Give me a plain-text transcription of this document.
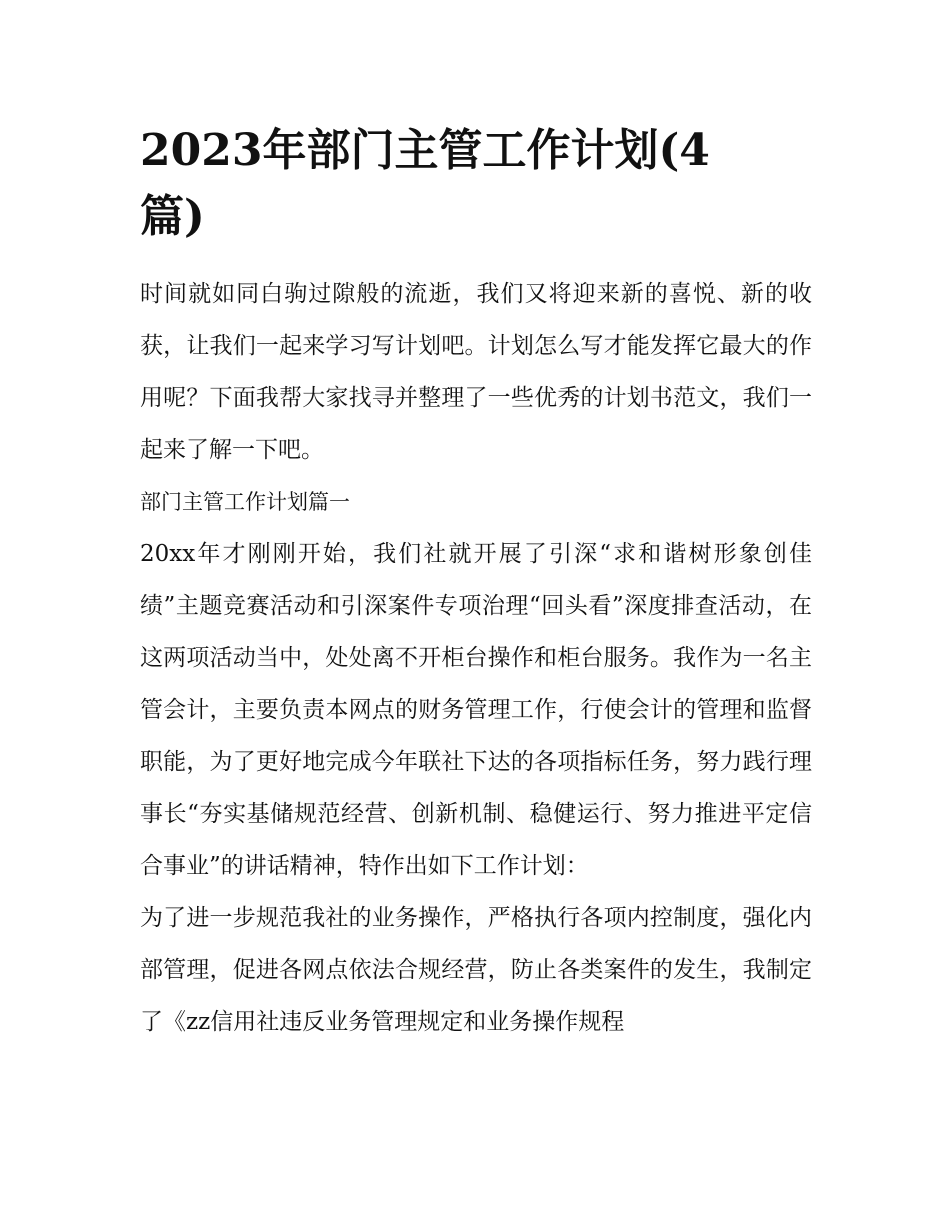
2023年部门主管工作计划(4篇)

时间就如同白驹过隙般的流逝，我们又将迎来新的喜悦、新的收获，让我们一起来学习写计划吧。计划怎么写才能发挥它最大的作用呢？下面我帮大家找寻并整理了一些优秀的计划书范文，我们一起来了解一下吧。

部门主管工作计划篇一

20xx年才刚刚开始，我们社就开展了引深“求和谐树形象创佳绩”主题竞赛活动和引深案件专项治理“回头看”深度排查活动，在这两项活动当中，处处离不开柜台操作和柜台服务。我作为一名主管会计，主要负责本网点的财务管理工作，行使会计的管理和监督职能，为了更好地完成今年联社下达的各项指标任务，努力践行理事长“夯实基储规范经营、创新机制、稳健运行、努力推进平定信合事业”的讲话精神，特作出如下工作计划：

为了进一步规范我社的业务操作，严格执行各项内控制度，强化内部管理，促进各网点依法合规经营，防止各类案件的发生，我制定了《zz信用社违反业务管理规定和业务操作规程
